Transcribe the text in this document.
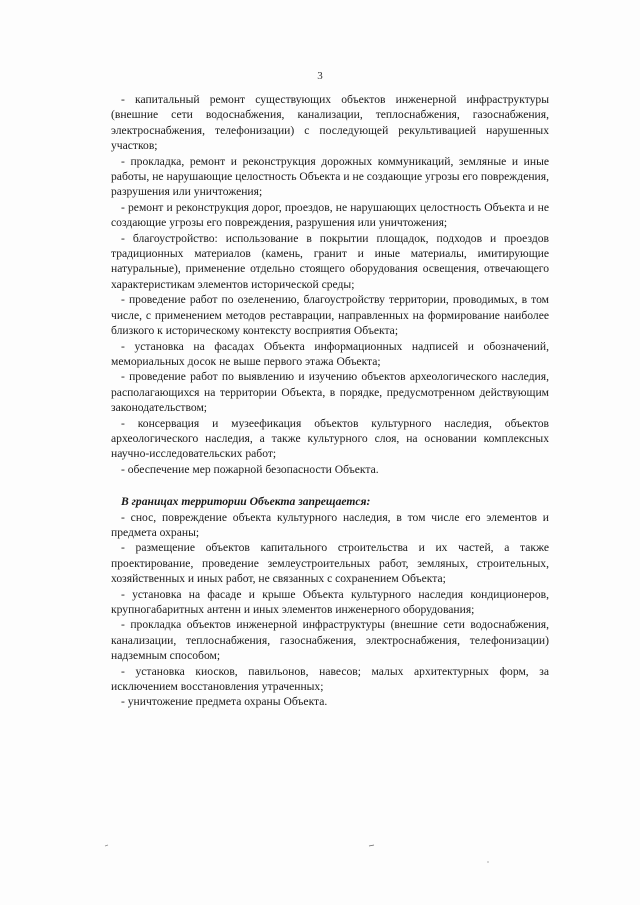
3

- капитальный ремонт существующих объектов инженерной инфраструктуры (внешние сети водоснабжения, канализации, теплоснабжения, газоснабжения, электроснабжения, телефонизации) с последующей рекультивацией нарушенных участков;

- прокладка, ремонт и реконструкция дорожных коммуникаций, земляные и иные работы, не нарушающие целостность Объекта и не создающие угрозы его повреждения, разрушения или уничтожения;

- ремонт и реконструкция дорог, проездов, не нарушающих целостность Объекта и не создающие угрозы его повреждения, разрушения или уничтожения;

- благоустройство: использование в покрытии площадок, подходов и проездов традиционных материалов (камень, гранит и иные материалы, имитирующие натуральные), применение отдельно стоящего оборудования освещения, отвечающего характеристикам элементов исторической среды;

- проведение работ по озеленению, благоустройству территории, проводимых, в том числе, с применением методов реставрации, направленных на формирование наиболее близкого к историческому контексту восприятия Объекта;

- установка на фасадах Объекта информационных надписей и обозначений, мемориальных досок не выше первого этажа Объекта;

- проведение работ по выявлению и изучению объектов археологического наследия, располагающихся на территории Объекта, в порядке, предусмотренном действующим законодательством;

- консервация и музеефикация объектов культурного наследия, объектов археологического наследия, а также культурного слоя, на основании комплексных научно-исследовательских работ;

- обеспечение мер пожарной безопасности Объекта.

В границах территории Объекта запрещается:

- снос, повреждение объекта культурного наследия, в том числе его элементов и предмета охраны;

- размещение объектов капитального строительства и их частей, а также проектирование, проведение землеустроительных работ, земляных, строительных, хозяйственных и иных работ, не связанных с сохранением Объекта;

- установка на фасаде и крыше Объекта культурного наследия кондиционеров, крупногабаритных антенн и иных элементов инженерного оборудования;

- прокладка объектов инженерной инфраструктуры (внешние сети водоснабжения, канализации, теплоснабжения, газоснабжения, электроснабжения, телефонизации) надземным способом;

- установка киосков, павильонов, навесов; малых архитектурных форм, за исключением восстановления утраченных;

- уничтожение предмета охраны Объекта.
